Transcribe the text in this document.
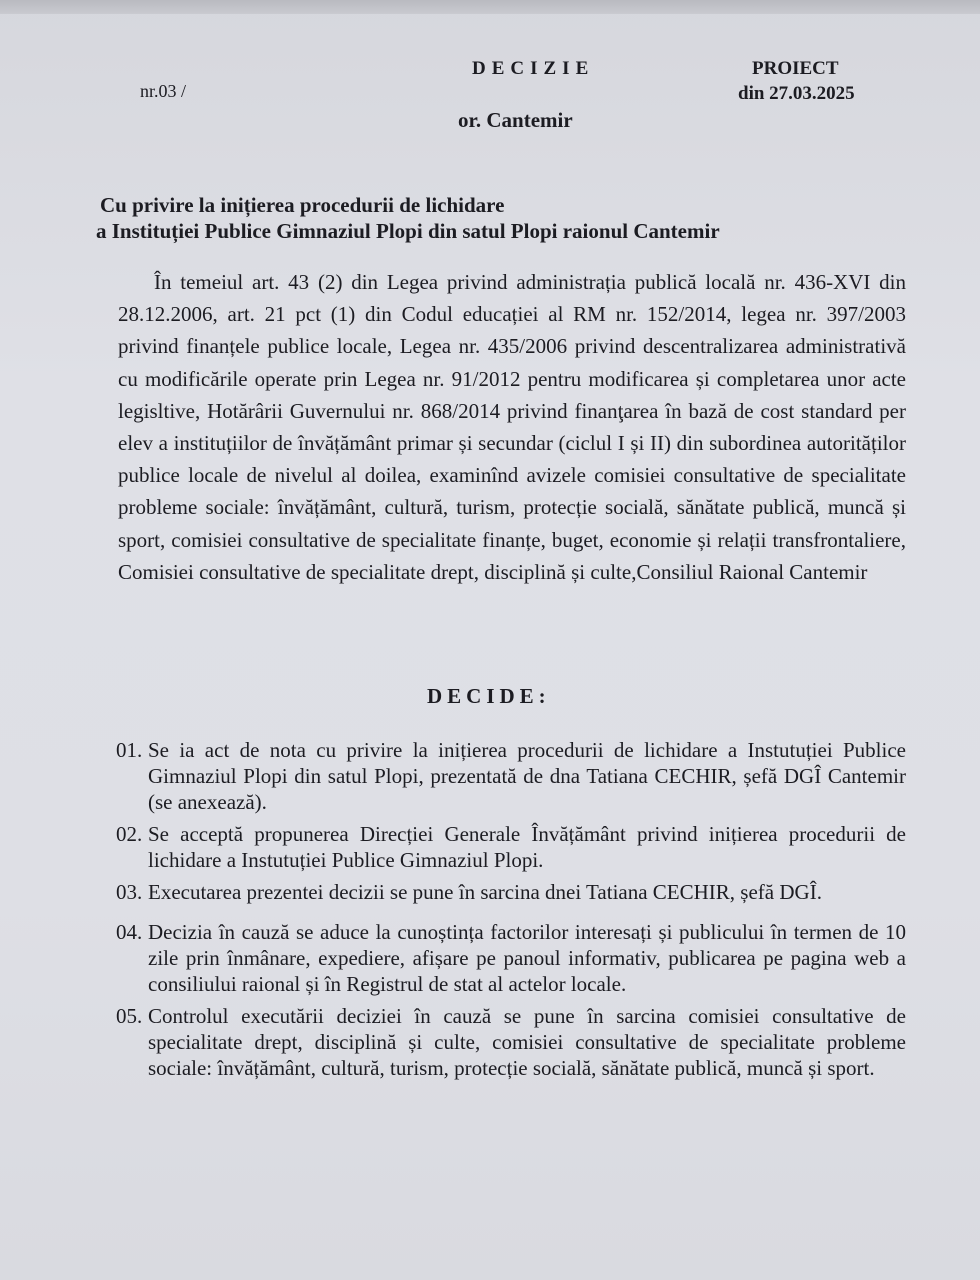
nr.03 /
DECIZIE	PROIECT
din 27.03.2025
or. Cantemir
Cu privire la inițierea procedurii de lichidare
a Instituției Publice Gimnaziul Plopi din satul Plopi raionul Cantemir
În temeiul art. 43 (2) din Legea privind administrația publică locală nr. 436-XVI din 28.12.2006, art. 21 pct (1) din Codul educației al RM nr. 152/2014, legea nr. 397/2003 privind finanțele publice locale, Legea nr. 435/2006 privind descentralizarea administrativă cu modificările operate prin Legea nr. 91/2012 pentru modificarea și completarea unor acte legisltive, Hotărârii Guvernului nr. 868/2014 privind finanţarea în bază de cost standard per elev a instituțiilor de învățământ primar și secundar (ciclul I și II) din subordinea autorităților publice locale de nivelul al doilea, examinînd avizele comisiei consultative de specialitate probleme sociale: învățământ, cultură, turism, protecție socială, sănătate publică, muncă și sport, comisiei consultative de specialitate finanțe, buget, economie și relații transfrontaliere, Comisiei consultative de specialitate drept, disciplină și culte,Consiliul Raional Cantemir
DECIDE:
01. Se ia act de nota cu privire la inițierea procedurii de lichidare a Instutuției Publice Gimnaziul Plopi din satul Plopi, prezentată de dna Tatiana CECHIR, șefă DGÎ Cantemir (se anexează).
02. Se acceptă propunerea Direcției Generale Învățământ privind inițierea procedurii de lichidare a Instutuției Publice Gimnaziul Plopi.
03. Executarea prezentei decizii se pune în sarcina dnei Tatiana CECHIR, șefă DGÎ.
04. Decizia în cauză se aduce la cunoștința factorilor interesați și publicului în termen de 10 zile prin înmânare, expediere, afișare pe panoul informativ, publicarea pe pagina web a consiliului raional și în Registrul de stat al actelor locale.
05. Controlul executării deciziei în cauză se pune în sarcina comisiei consultative de specialitate drept, disciplină și culte, comisiei consultative de specialitate probleme sociale: învățământ, cultură, turism, protecție socială, sănătate publică, muncă și sport.
